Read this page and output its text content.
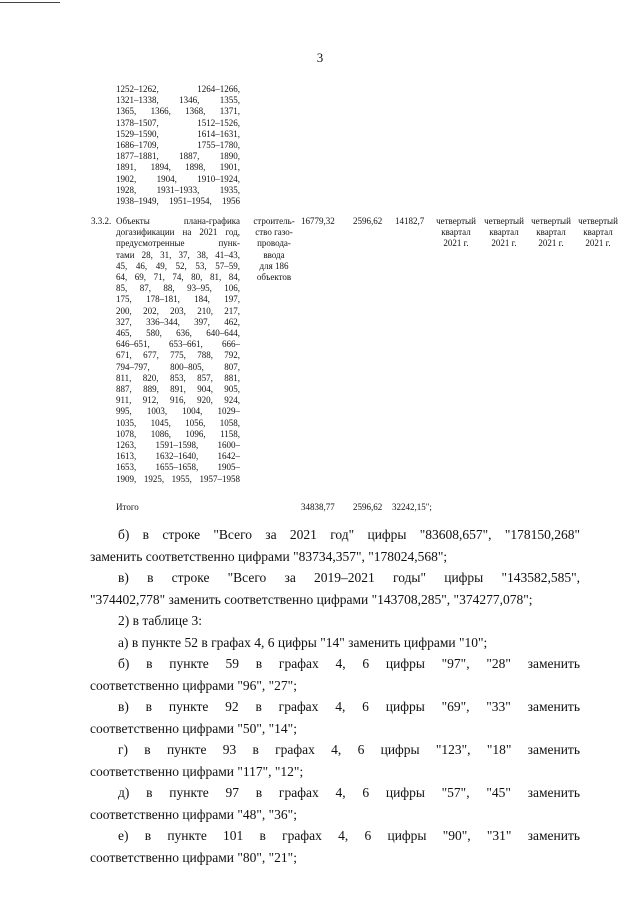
3
1252–1262, 1264–1266,
1321–1338, 1346, 1355,
1365, 1366, 1368, 1371,
1378–1507, 1512–1526,
1529–1590, 1614–1631,
1686–1709, 1755–1780,
1877–1881, 1887, 1890,
1891, 1894, 1898, 1901,
1902, 1904, 1910–1924,
1928, 1931–1933, 1935,
1938–1949, 1951–1954, 1956
3.3.2. Объекты плана-графика
догазификации на 2021 год,
предусмотренные пунк-
тами 28, 31, 37, 38, 41–43,
45, 46, 49, 52, 53, 57–59,
64, 69, 71, 74, 80, 81, 84,
85, 87, 88, 93–95, 106,
175, 178–181, 184, 197,
200, 202, 203, 210, 217,
327, 336–344, 397, 462,
465, 580, 636, 640–644,
646–651, 653–661, 666–
671, 677, 775, 788, 792,
794–797, 800–805, 807,
811, 820, 853, 857, 881,
887, 889, 891, 904, 905,
911, 912, 916, 920, 924,
995, 1003, 1004, 1029–
1035, 1045, 1056, 1058,
1078, 1086, 1096, 1158,
1263, 1591–1598, 1600–
1613, 1632–1640, 1642–
1653, 1655–1658, 1905–
1909, 1925, 1955, 1957–1958
строитель-
ство газо-
провода-
ввода
для 186
объектов
16779,32 2596,62 14182,7	четвертый
квартал
2021 г.
четвертый
квартал
2021 г.
четвертый
квартал
2021 г.
четвертый
квартал
2021 г.
Итого	34838,77 2596,62 32242,15";

б) в строке "Всего за 2021 год" цифры "83608,657", "178150,268"

заменить соответственно цифрами "83734,357", "178024,568";

в) в строке "Всего за 2019–2021 годы" цифры "143582,585",

"374402,778" заменить соответственно цифрами "143708,285", "374277,078";

2) в таблице 3:

а) в пункте 52 в графах 4, 6 цифры "14" заменить цифрами "10";

б) в пункте 59 в графах 4, 6 цифры "97", "28" заменить

соответственно цифрами "96", "27";

в) в пункте 92 в графах 4, 6 цифры "69", "33" заменить

соответственно цифрами "50", "14";

г) в пункте 93 в графах 4, 6 цифры "123", "18" заменить

соответственно цифрами "117", "12";

д) в пункте 97 в графах 4, 6 цифры "57", "45" заменить

соответственно цифрами "48", "36";

е) в пункте 101 в графах 4, 6 цифры "90", "31" заменить

соответственно цифрами "80", "21";
